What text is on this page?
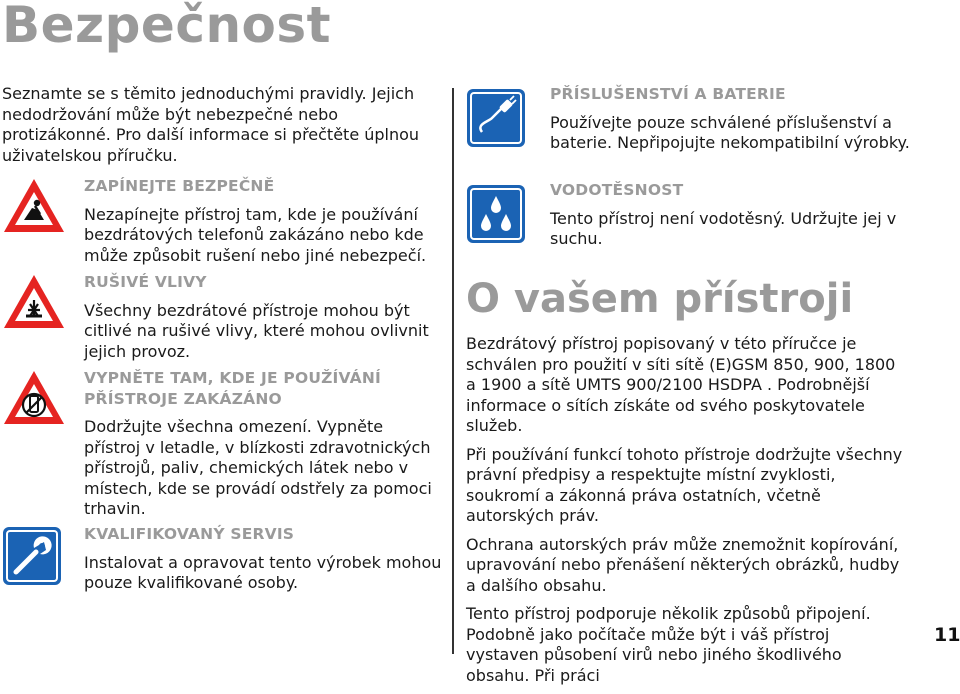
Bezpečnost

Seznamte se s těmito jednoduchými pravidly. Jejich nedodržování může být nebezpečné nebo protizákonné. Pro další informace si přečtěte úplnou uživatelskou příručku.

ZAPÍNEJTE BEZPEČNĚ

Nezapínejte přístroj tam, kde je používání bezdrátových telefonů zakázáno nebo kde může způsobit rušení nebo jiné nebezpečí.

RUŠIVÉ VLIVY

Všechny bezdrátové přístroje mohou být citlivé na rušivé vlivy, které mohou ovlivnit jejich provoz.

VYPNĚTE TAM, KDE JE POUŽÍVÁNÍ PŘÍSTROJE ZAKÁZÁNO

Dodržujte všechna omezení. Vypněte přístroj v letadle, v blízkosti zdravotnických přístrojů, paliv, chemických látek nebo v místech, kde se provádí odstřely za pomoci trhavin.

KVALIFIKOVANÝ SERVIS

Instalovat a opravovat tento výrobek mohou pouze kvalifikované osoby.

PŘÍSLUŠENSTVÍ A BATERIE

Používejte pouze schválené příslušenství a baterie. Nepřipojujte nekompatibilní výrobky.

VODOTĚSNOST

Tento přístroj není vodotěsný. Udržujte jej v suchu.

O vašem přístroji

Bezdrátový přístroj popisovaný v této příručce je schválen pro použití v síti sítě (E)GSM 850, 900, 1800 a 1900 a sítě UMTS 900/2100 HSDPA . Podrobnější informace o sítích získáte od svého poskytovatele služeb.

Při používání funkcí tohoto přístroje dodržujte všechny právní předpisy a respektujte místní zvyklosti, soukromí a zákonná práva ostatních, včetně autorských práv.

Ochrana autorských práv může znemožnit kopírování, upravování nebo přenášení některých obrázků, hudby a dalšího obsahu.

Tento přístroj podporuje několik způsobů připojení. Podobně jako počítače může být i váš přístroj vystaven působení virů nebo jiného škodlivého obsahu. Při práci

11
